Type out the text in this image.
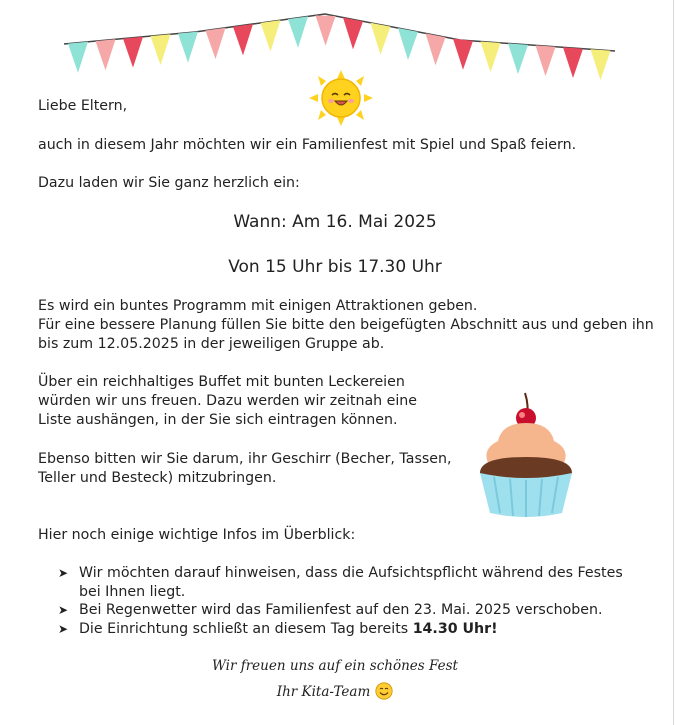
Liebe Eltern,
auch in diesem Jahr möchten wir ein Familienfest mit Spiel und Spaß feiern.
Dazu laden wir Sie ganz herzlich ein:
Wann: Am 16. Mai 2025
Von 15 Uhr bis 17.30 Uhr
Es wird ein buntes Programm mit einigen Attraktionen geben.
Für eine bessere Planung füllen Sie bitte den beigefügten Abschnitt aus und geben ihn
bis zum 12.05.2025 in der jeweiligen Gruppe ab.
Über ein reichhaltiges Buffet mit bunten Leckereien
würden wir uns freuen. Dazu werden wir zeitnah eine
Liste aushängen, in der Sie sich eintragen können.
Ebenso bitten wir Sie darum, ihr Geschirr (Becher, Tassen,
Teller und Besteck) mitzubringen.
Hier noch einige wichtige Infos im Überblick:
➤ Wir möchten darauf hinweisen, dass die Aufsichtspflicht während des Festes bei Ihnen liegt.
➤ Bei Regenwetter wird das Familienfest auf den 23. Mai. 2025 verschoben.
➤ Die Einrichtung schließt an diesem Tag bereits 14.30 Uhr!
Wir freuen uns auf ein schönes Fest
Ihr Kita-Team
